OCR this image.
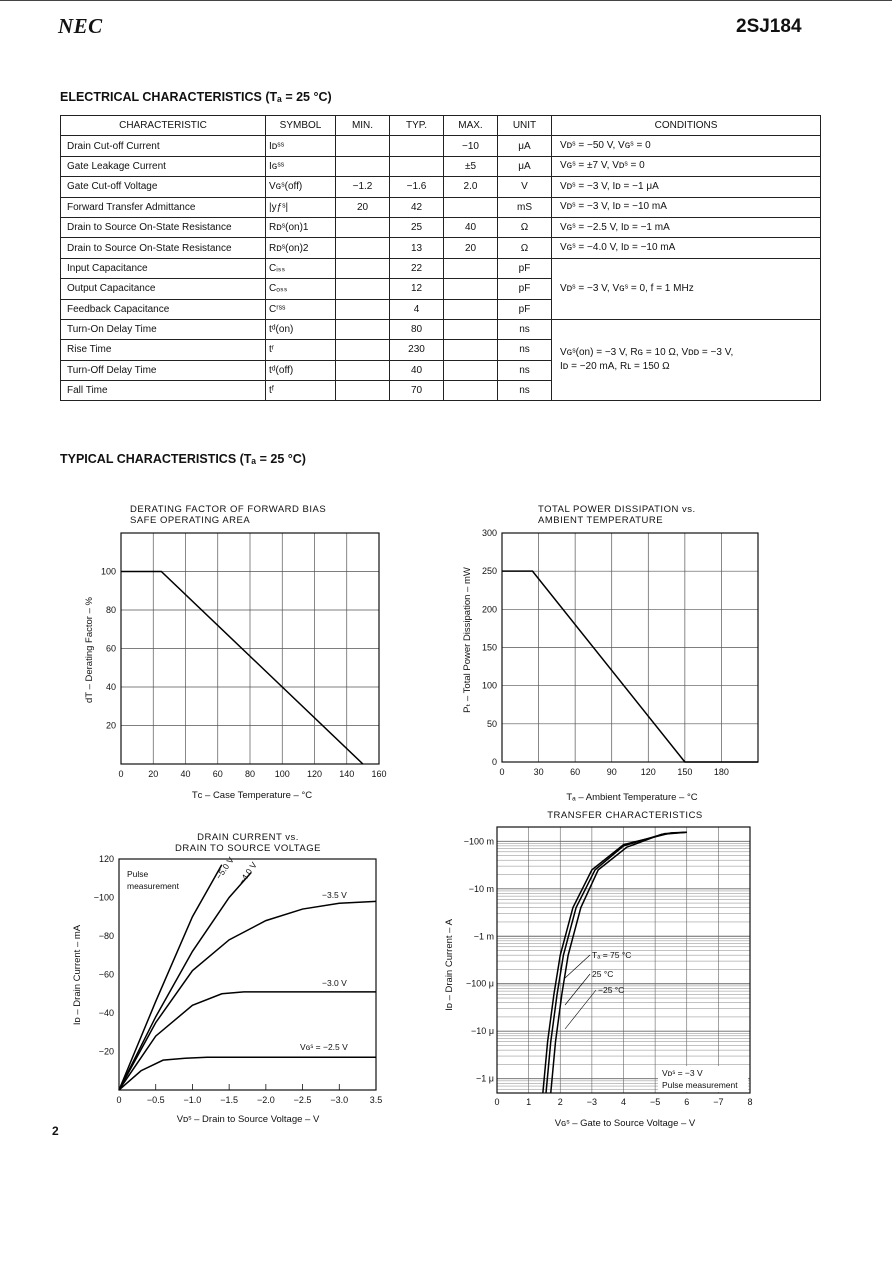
NEC	2SJ184
ELECTRICAL CHARACTERISTICS (Tₐ = 25 °C)
CHARACTERISTIC	SYMBOL	MIN.	TYP.	MAX.	UNIT	CONDITIONS
Drain Cut-off Current	Iᴅˢˢ			−10	μA	Vᴅˢ = −50 V, Vɢˢ = 0
Gate Leakage Current	Iɢˢˢ			±5	μA	Vɢˢ = ±7 V, Vᴅˢ = 0
Gate Cut-off Voltage	Vɢˢ(off)	−1.2	−1.6	2.0	V	Vᴅˢ = −3 V, Iᴅ = −1 μA
Forward Transfer Admittance	|yƒˢ|	20	42		mS	Vᴅˢ = −3 V, Iᴅ = −10 mA
Drain to Source On-State Resistance	Rᴅˢ(on)1		25	40	Ω	Vɢˢ = −2.5 V, Iᴅ = −1 mA
Drain to Source On-State Resistance	Rᴅˢ(on)2		13	20	Ω	Vɢˢ = −4.0 V, Iᴅ = −10 mA
Input Capacitance	Cᵢₛₛ		22		pF	Vᴅˢ = −3 V, Vɢˢ = 0, f = 1 MHz
Output Capacitance	Cₒₛₛ		12		pF	
Feedback Capacitance	Cʳˢˢ		4		pF	
Turn-On Delay Time	tᵈ(on)		80		ns	Vɢˢ(on) = −3 V, Rɢ = 10 Ω, Vᴅᴅ = −3 V,
Iᴅ = −20 mA, Rʟ = 150 Ω

Rise Time	tʳ		230		ns	
Turn-Off Delay Time	tᵈ(off)		40		ns	
Fall Time	tᶠ		70		ns	
TYPICAL CHARACTERISTICS (Tₐ = 25 °C)
0	20 40 60 80 100 120 140 160
20
40
60
80
100
DERATING FACTOR OF FORWARD BIAS
SAFE OPERATING AREA
Tᴄ – Case Temperature – °C
dT – Derating Factor – %
0	30	60	90	120 150 180
0
50
100
150
200
250
300
TOTAL POWER DISSIPATION vs.
AMBIENT TEMPERATURE
Tₐ – Ambient Temperature – °C
Pₜ – Total Power Dissipation – mW
0	−0.5 −1.0 −1.5 −2.0 −2.5 −3.0 3.5
−20
−40
−60
−80
−100
120
DRAIN CURRENT vs.
DRAIN TO SOURCE VOLTAGE
Vᴅˢ – Drain to Source Voltage – V
Iᴅ – Drain Current – mA
Pulse
measurement
−5.0 V −4.0 V
−3.5 V
−3.0 V
Vɢˢ = −2.5 V
0	1	2	−3	4	−5	6	−7	8
−1 μ
−10 μ
−100 μ
−1 m
−10 m
−100 m
TRANSFER CHARACTERISTICS
Vɢˢ – Gate to Source Voltage – V
Iᴅ – Drain Current – A	Tₐ = 75 °C
25 °C
−25 °C
Vᴅˢ = −3 V
Pulse measurement
2
